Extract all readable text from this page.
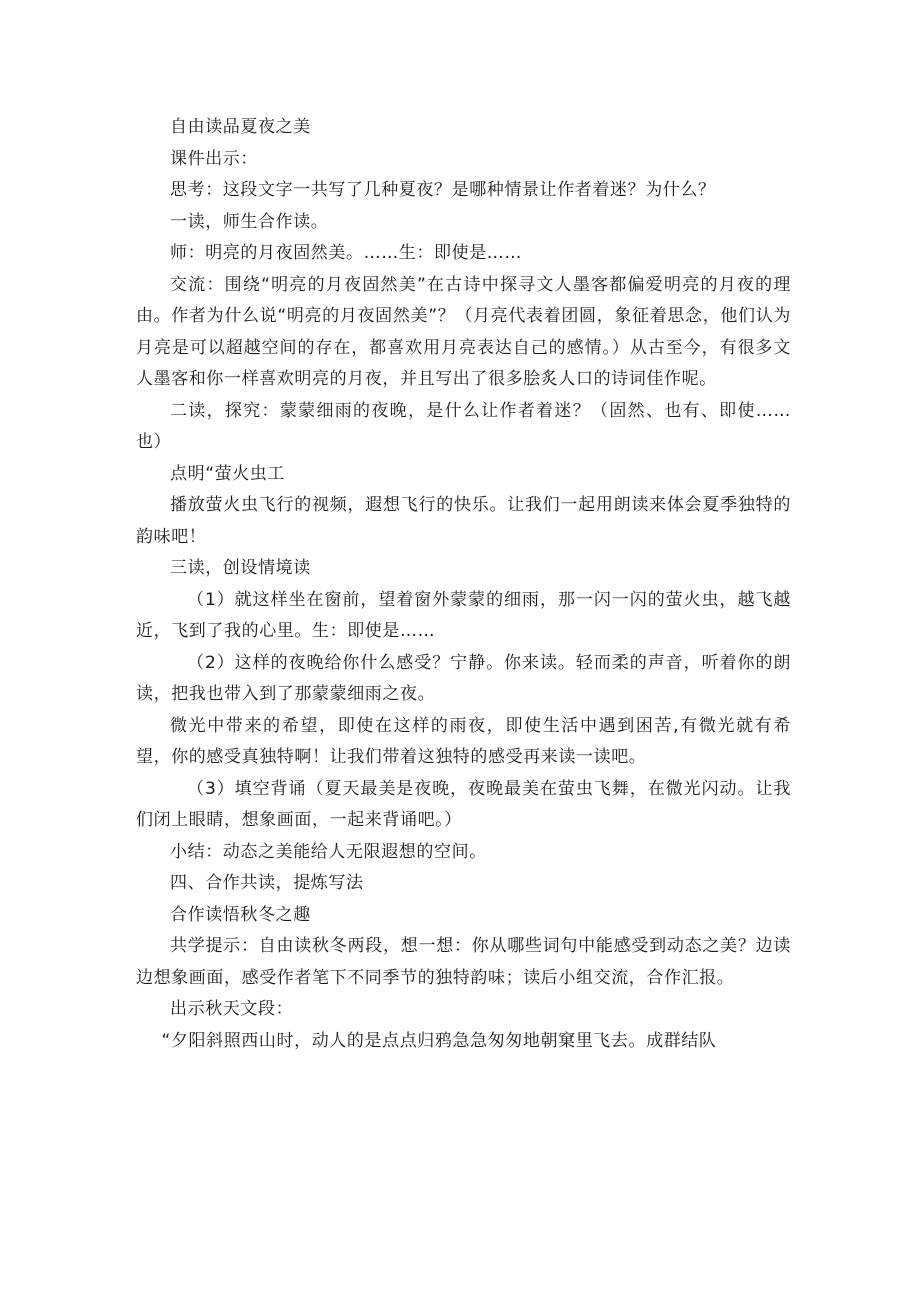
自由读品夏夜之美

课件出示：

思考：这段文字一共写了几种夏夜？是哪种情景让作者着迷？为什么？

一读，师生合作读。

师：明亮的月夜固然美。……生：即使是……

交流：围绕“明亮的月夜固然美”在古诗中探寻文人墨客都偏爱明亮的月夜的理由。作者为什么说“明亮的月夜固然美”？（月亮代表着团圆，象征着思念，他们认为月亮是可以超越空间的存在，都喜欢用月亮表达自己的感情。）从古至今，有很多文人墨客和你一样喜欢明亮的月夜，并且写出了很多脍炙人口的诗词佳作呢。

二读，探究：蒙蒙细雨的夜晚，是什么让作者着迷？（固然、也有、即使……也）

点明“萤火虫工

播放萤火虫飞行的视频，遐想飞行的快乐。让我们一起用朗读来体会夏季独特的韵味吧！

三读，创设情境读

（1）就这样坐在窗前，望着窗外蒙蒙的细雨，那一闪一闪的萤火虫，越飞越近，飞到了我的心里。生：即使是……

（2）这样的夜晚给你什么感受？宁静。你来读。轻而柔的声音，听着你的朗读，把我也带入到了那蒙蒙细雨之夜。

微光中带来的希望，即使在这样的雨夜，即使生活中遇到困苦,有微光就有希望，你的感受真独特啊！让我们带着这独特的感受再来读一读吧。

（3）填空背诵（夏天最美是夜晚，夜晚最美在萤虫飞舞，在微光闪动。让我们闭上眼睛，想象画面，一起来背诵吧。）

小结：动态之美能给人无限遐想的空间。

四、合作共读，提炼写法

合作读悟秋冬之趣

共学提示：自由读秋冬两段，想一想：你从哪些词句中能感受到动态之美？边读边想象画面，感受作者笔下不同季节的独特韵味；读后小组交流，合作汇报。

出示秋天文段：

“夕阳斜照西山时，动人的是点点归鸦急急匆匆地朝窠里飞去。成群结队
